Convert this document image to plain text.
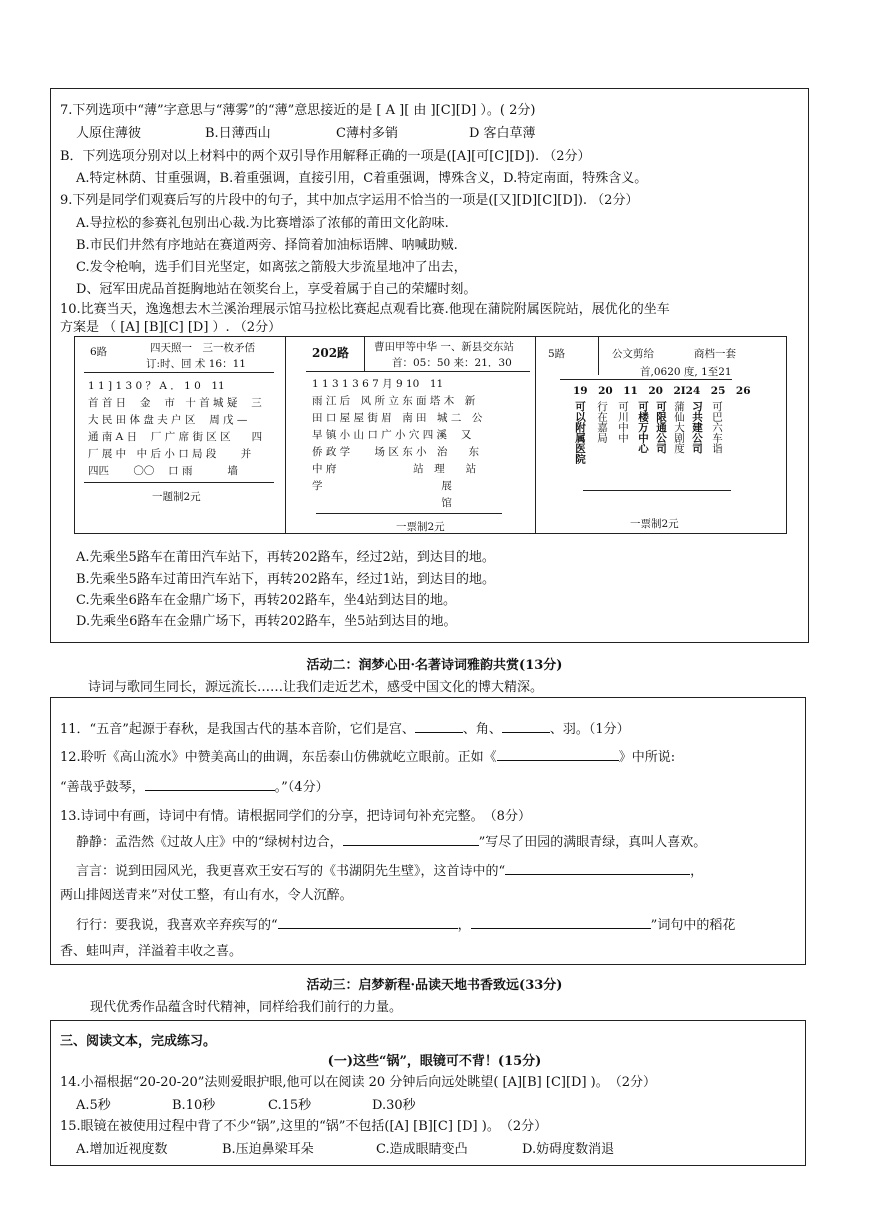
7.下列选项中“薄”字意思与“薄雾”的“薄”意思接近的是 [ A ][ 由 ][C][D] ）。( 2分)
人原住薄彼	B.日薄西山	C薄村多销	D 客白草薄
B．下列选项分别对以上材料中的两个双引导作用解释正确的一项是([A][可[C][D]). （2分）
A.特定林荫、甘重强调，B.着重强调，直接引用，C着重强调，博殊含义，D.特定南面，特殊含义。
9.下列是同学们观赛后写的片段中的句子，其中加点字运用不恰当的一项是([又][D][C][D]). （2分）
A.导拉松的参赛礼包别出心裁.为比赛增添了浓郁的莆田文化韵味.
B.市民们井然有序地站在赛道两旁、择筒着加油标语牌、呐喊助贼.
C.发令枪响，选手们目光坚定，如离弦之箭般大步流星地冲了出去，
D、冠军田虎品首挺胸地站在领奖台上，享受着属于自己的荣耀时刻。
10.比赛当天，逸逸想去木兰溪治理展示馆马拉松比赛起点观看比赛.他现在蒲院附属医院站，展优化的坐车
方案是 （ [A] [B][C] [D] ）. （2分）
6路	四天照一　三一枚矛俖
订:时、回 术 16：11
1 1 ] 1 3 0 ？ A ． 1 0　11
首 首 日　 金　 市　十 首 城 疑　 三
大 民 田 体 盘 夫 户 区　 周 戊 —
通 南 A 日　 厂 广 席 街 区 区　　四
厂 展 中　中 后 小 口 局 段　　 并
四匹　　 〇〇　 口 雨　　　 墙
一题制2元
202路 曹田甲等中华 一、新县交东站
首：05：50 来：21．30
1 1 3 1 3 6 7 月 9 10　11
雨 江 后　风 所 立 东 面 塔 木　新
田 口 屋 屋 街 眉　南 田　城 二　公
早 镇 小 山 口 广 小 穴 四 溪　 又
侨 政 学　　 场 区 东 小　治　　东
中 府　　　　　　　 站　理　　站
学　　　　　　　　　　　 展
　　　　　　　　　　　　 馆
一票制2元
5路	公文剪给	商档一套
首,0620 度, 1至21
19　20　11　20　2Ⅰ24　25　26
可以附属医院 行在嘉局 可川中中 可楼万中心 可限通公司 蒲仙大剧度 习共建公司 可巴六车诣
一票制2元
A.先乘坐5路车在莆田汽车站下，再转202路车，经过2站，到达目的地。
B.先乘坐5路车过莆田汽车站下，再转202路车，经过1站，到达目的地。
C.先乘坐6路车在金鼎广场下，再转202路车，坐4站到达目的地。
D.先乘坐6路车在金鼎广场下，再转202路车，坐5站到达目的地。
活动二：润梦心田·名著诗词雅韵共赏(13分)
诗词与歌同生同长，源远流长……让我们走近艺术，感受中国文化的博大精深。
11．“五音”起源于春秋，是我国古代的基本音阶，它们是宫、	、角、	、羽。（1分）
12.聆听《高山流水》中赞美高山的曲调，东岳泰山仿佛就屹立眼前。正如《	》中所说:
“善哉乎鼓琴，	。”（4分）
13.诗词中有画，诗词中有情。请根据同学们的分享，把诗词句补充完整。　（8分）
静静：孟浩然《过故人庄》中的“绿树村边合，	”写尽了田园的满眼青绿，真叫人喜欢。
言言：说到田园风光，我更喜欢王安石写的《书湖阴先生壁》，这首诗中的“	，
两山排闼送青来”对仗工整，有山有水，令人沉醉。
行行：要我说，我喜欢辛弃疾写的“	，	”词句中的稻花
香、蛙叫声，洋溢着丰收之喜。
活动三：启梦新程·品读天地书香致远(33分)
现代优秀作品蕴含时代精神，同样给我们前行的力量。
三、阅读文本，完成练习。
(一)这些“锅”，眼镜可不背！(15分)
14.小福根据“20-20-20”法则爱眼护眼,他可以在阅读 20 分钟后向远处眺望( [A][B] [C][D] )。　（2分）
A.5秒	B.10秒	C.15秒	D.30秒
15.眼镜在被使用过程中背了不少“锅”,这里的“锅”不包括([A] [B][C] [D] )。　（2分）
A.增加近视度数	B.压迫鼻梁耳朵	C.造成眼睛变凸	D.妨碍度数消退
